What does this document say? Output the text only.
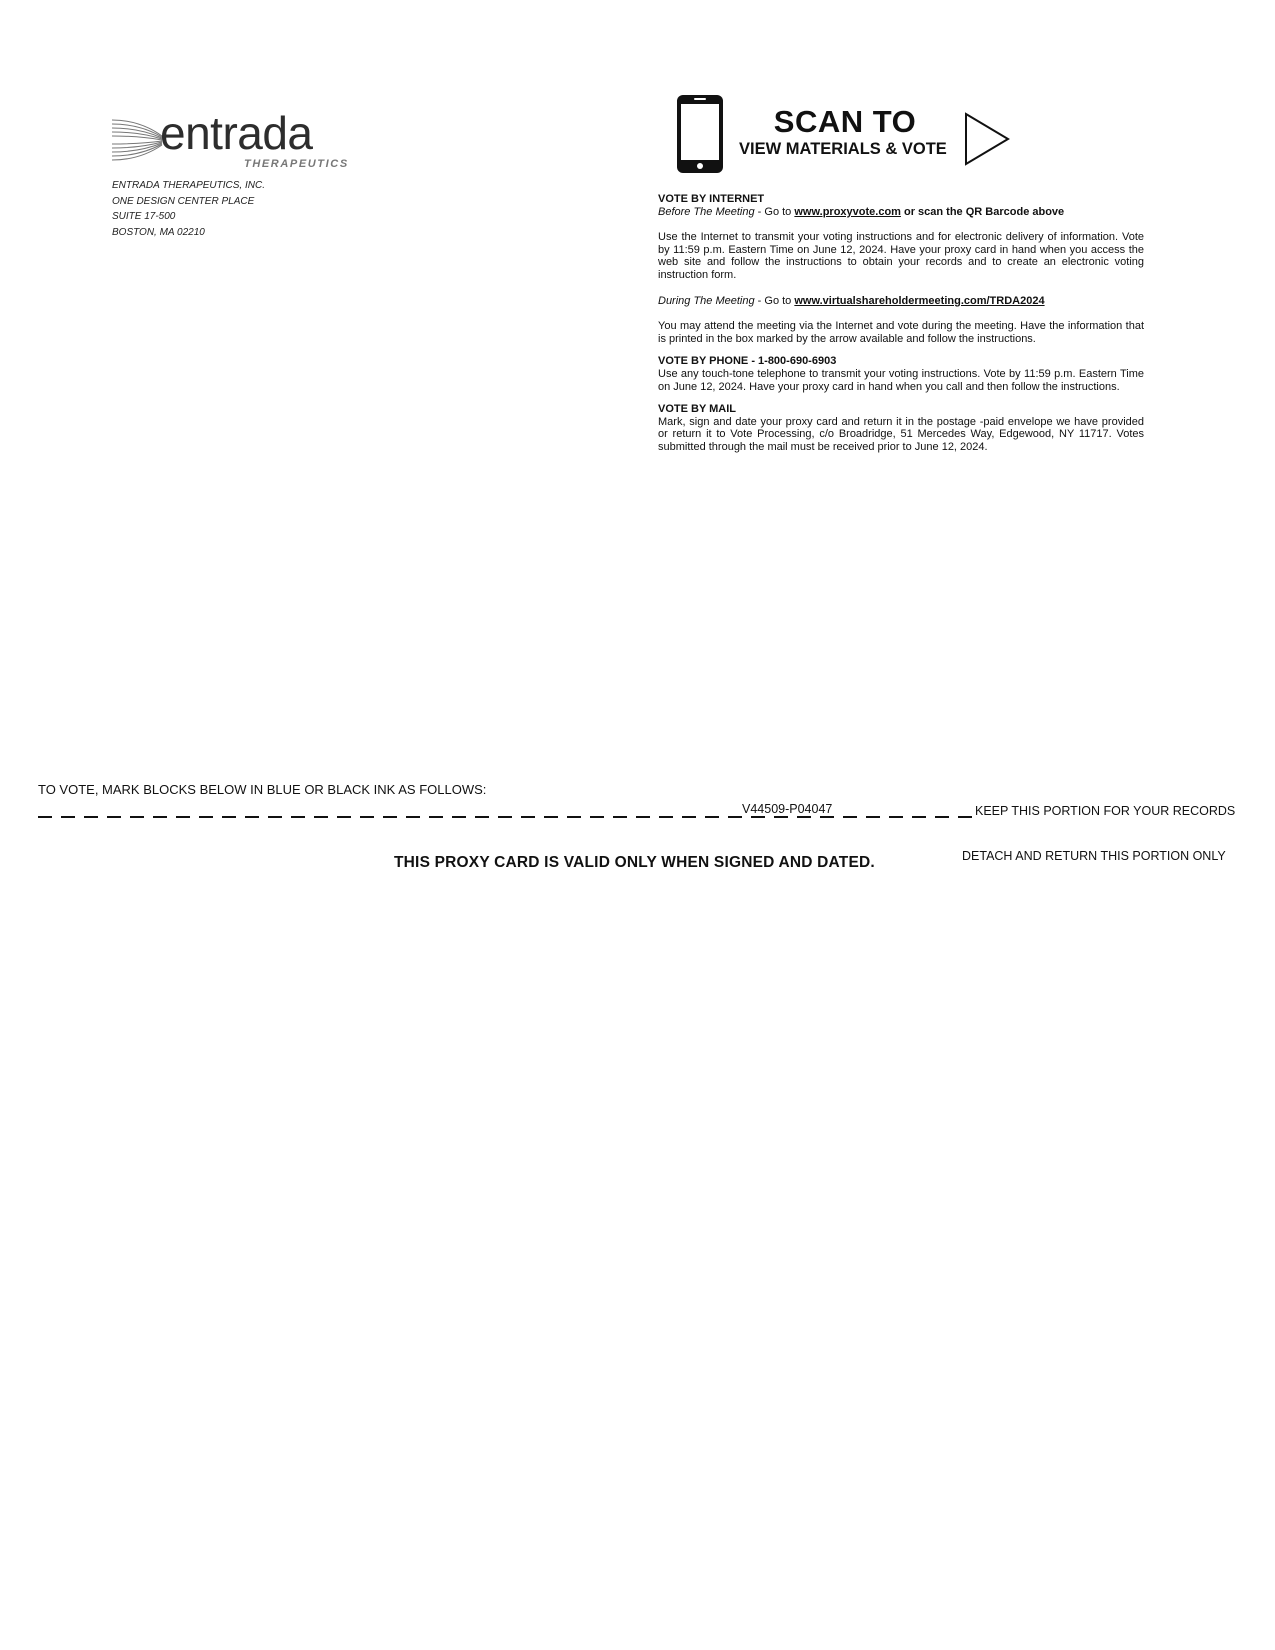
entrada
THERAPEUTICS
ENTRADA THERAPEUTICS, INC.
ONE DESIGN CENTER PLACE
SUITE 17-500
BOSTON, MA 02210
SCAN TO
VIEW MATERIALS & VOTE
VOTE BY INTERNET

Before The Meeting - Go to www.proxyvote.com or scan the QR Barcode above

Use the Internet to transmit your voting instructions and for electronic delivery of information. Vote by 11:59 p.m. Eastern Time on June 12, 2024. Have your proxy card in hand when you access the web site and follow the instructions to obtain your records and to create an electronic voting instruction form.

During The Meeting - Go to www.virtualshareholdermeeting.com/TRDA2024

You may attend the meeting via the Internet and vote during the meeting. Have the information that is printed in the box marked by the arrow available and follow the instructions.

VOTE BY PHONE - 1-800-690-6903

Use any touch-tone telephone to transmit your voting instructions. Vote by 11:59 p.m. Eastern Time on June 12, 2024. Have your proxy card in hand when you call and then follow the instructions.

VOTE BY MAIL

Mark, sign and date your proxy card and return it in the postage -paid envelope we have provided or return it to Vote Processing, c/o Broadridge, 51 Mercedes Way, Edgewood, NY 11717. Votes submitted through the mail must be received prior to June 12, 2024.

TO VOTE, MARK BLOCKS BELOW IN BLUE OR BLACK INK AS FOLLOWS:
V44509-P04047	KEEP THIS PORTION FOR YOUR RECORDS
DETACH AND RETURN THIS PORTION ONLY
THIS PROXY CARD IS VALID ONLY WHEN SIGNED AND DATED.
